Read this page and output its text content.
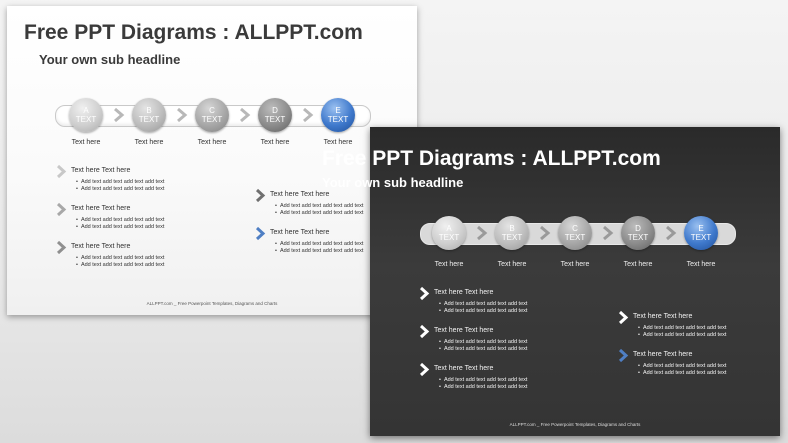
Free PPT Diagrams : ALLPPT.com
Your own sub headline
A
TEXT
B
TEXT
C
TEXT
D
TEXT
E
TEXT
Text here	Text here	Text here	Text here	Text here
Text here Text here
• Add text add text add text add text
• Add text add text add text add text
Text here Text here
• Add text add text add text add text
• Add text add text add text add text
Text here Text here
• Add text add text add text add text
• Add text add text add text add text
Text here Text here
• Add text add text add text add text
• Add text add text add text add text
Text here Text here
• Add text add text add text add text
• Add text add text add text add text
ALLPPT.com _ Free Powerpoint Templates, Diagrams and Charts
Free PPT Diagrams : ALLPPT.com
Your own sub headline
A
TEXT
B
TEXT
C
TEXT
D
TEXT
E
TEXT
Text here	Text here	Text here	Text here	Text here
Text here Text here
• Add text add text add text add text
• Add text add text add text add text
Text here Text here
• Add text add text add text add text
• Add text add text add text add text
Text here Text here
• Add text add text add text add text
• Add text add text add text add text
Text here Text here
• Add text add text add text add text
• Add text add text add text add text
Text here Text here
• Add text add text add text add text
• Add text add text add text add text
ALLPPT.com _ Free Powerpoint Templates, Diagrams and Charts
